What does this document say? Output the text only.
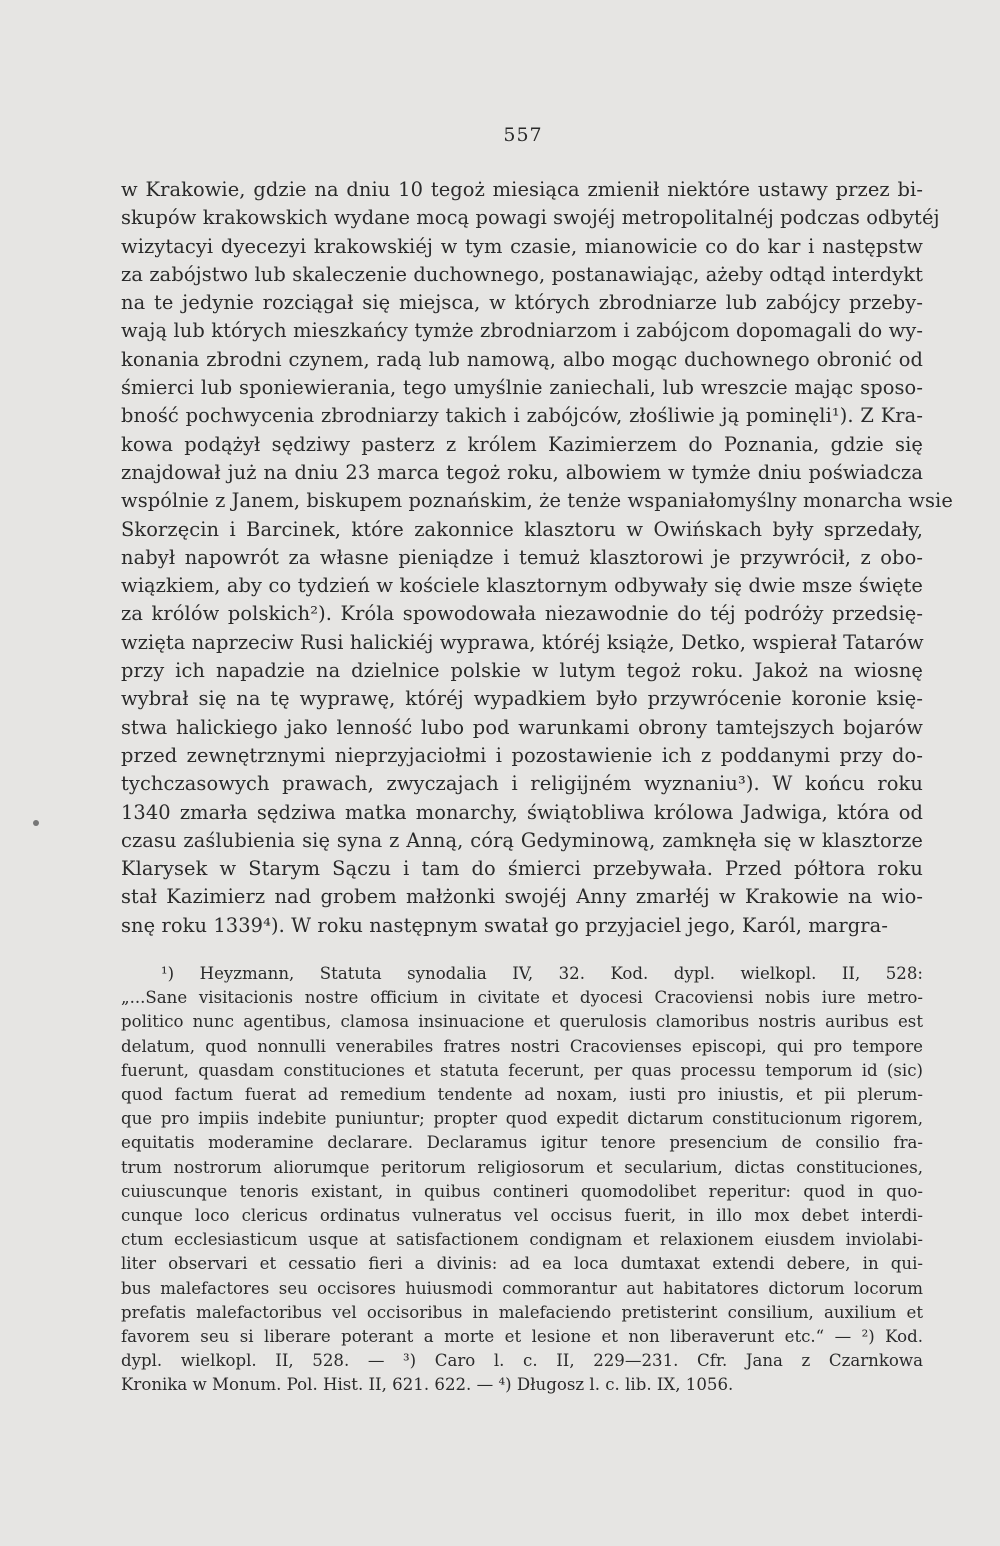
557
w Krakowie, gdzie na dniu 10 tegoż miesiąca zmienił niektóre ustawy przez bi-
skupów krakowskich wydane mocą powagi swojéj metropolitalnéj podczas odbytéj
wizytacyi dyecezyi krakowskiéj w tym czasie, mianowicie co do kar i następstw
za zabójstwo lub skaleczenie duchownego, postanawiając, ażeby odtąd interdykt
na te jedynie rozciągał się miejsca, w których zbrodniarze lub zabójcy przeby-
wają lub których mieszkańcy tymże zbrodniarzom i zabójcom dopomagali do wy-
konania zbrodni czynem, radą lub namową, albo mogąc duchownego obronić od
śmierci lub sponiewierania, tego umyślnie zaniechali, lub wreszcie mając sposo-
bność pochwycenia zbrodniarzy takich i zabójców, złośliwie ją pominęli¹). Z Kra-
kowa podążył sędziwy pasterz z królem Kazimierzem do Poznania, gdzie się
znajdował już na dniu 23 marca tegoż roku, albowiem w tymże dniu poświadcza
wspólnie z Janem, biskupem poznańskim, że tenże wspaniałomyślny monarcha wsie
Skorzęcin i Barcinek, które zakonnice klasztoru w Owińskach były sprzedały,
nabył napowrót za własne pieniądze i temuż klasztorowi je przywrócił, z obo-
wiązkiem, aby co tydzień w kościele klasztornym odbywały się dwie msze święte
za królów polskich²). Króla spowodowała niezawodnie do téj podróży przedsię-
wzięta naprzeciw Rusi halickiéj wyprawa, któréj książe, Detko, wspierał Tatarów
przy ich napadzie na dzielnice polskie w lutym tegoż roku. Jakoż na wiosnę
wybrał się na tę wyprawę, któréj wypadkiem było przywrócenie koronie księ-
stwa halickiego jako lenność lubo pod warunkami obrony tamtejszych bojarów
przed zewnętrznymi nieprzyjaciołmi i pozostawienie ich z poddanymi przy do-
tychczasowych prawach, zwyczajach i religijném wyznaniu³). W końcu roku
1340 zmarła sędziwa matka monarchy, świątobliwa królowa Jadwiga, która od
czasu zaślubienia się syna z Anną, córą Gedyminową, zamknęła się w klasztorze
Klarysek w Starym Sączu i tam do śmierci przebywała. Przed półtora roku
stał Kazimierz nad grobem małżonki swojéj Anny zmarłéj w Krakowie na wio-
snę roku 1339⁴). W roku następnym swatał go przyjaciel jego, Karól, margra-
¹) Heyzmann, Statuta synodalia IV, 32. Kod. dypl. wielkopl. II, 528:
„...Sane visitacionis nostre officium in civitate et dyocesi Cracoviensi nobis iure metro-
politico nunc agentibus, clamosa insinuacione et querulosis clamoribus nostris auribus est
delatum, quod nonnulli venerabiles fratres nostri Cracovienses episcopi, qui pro tempore
fuerunt, quasdam constituciones et statuta fecerunt, per quas processu temporum id (sic)
quod factum fuerat ad remedium tendente ad noxam, iusti pro iniustis, et pii plerum-
que pro impiis indebite puniuntur; propter quod expedit dictarum constitucionum rigorem,
equitatis moderamine declarare. Declaramus igitur tenore presencium de consilio fra-
trum nostrorum aliorumque peritorum religiosorum et secularium, dictas constituciones,
cuiuscunque tenoris existant, in quibus contineri quomodolibet reperitur: quod in quo-
cunque loco clericus ordinatus vulneratus vel occisus fuerit, in illo mox debet interdi-
ctum ecclesiasticum usque at satisfactionem condignam et relaxionem eiusdem inviolabi-
liter observari et cessatio fieri a divinis: ad ea loca dumtaxat extendi debere, in qui-
bus malefactores seu occisores huiusmodi commorantur aut habitatores dictorum locorum
prefatis malefactoribus vel occisoribus in malefaciendo pretisterint consilium, auxilium et
favorem seu si liberare poterant a morte et lesione et non liberaverunt etc.“ — ²) Kod.
dypl. wielkopl. II, 528. — ³) Caro l. c. II, 229—231. Cfr. Jana z Czarnkowa
Kronika w Monum. Pol. Hist. II, 621. 622. — ⁴) Długosz l. c. lib. IX, 1056.
